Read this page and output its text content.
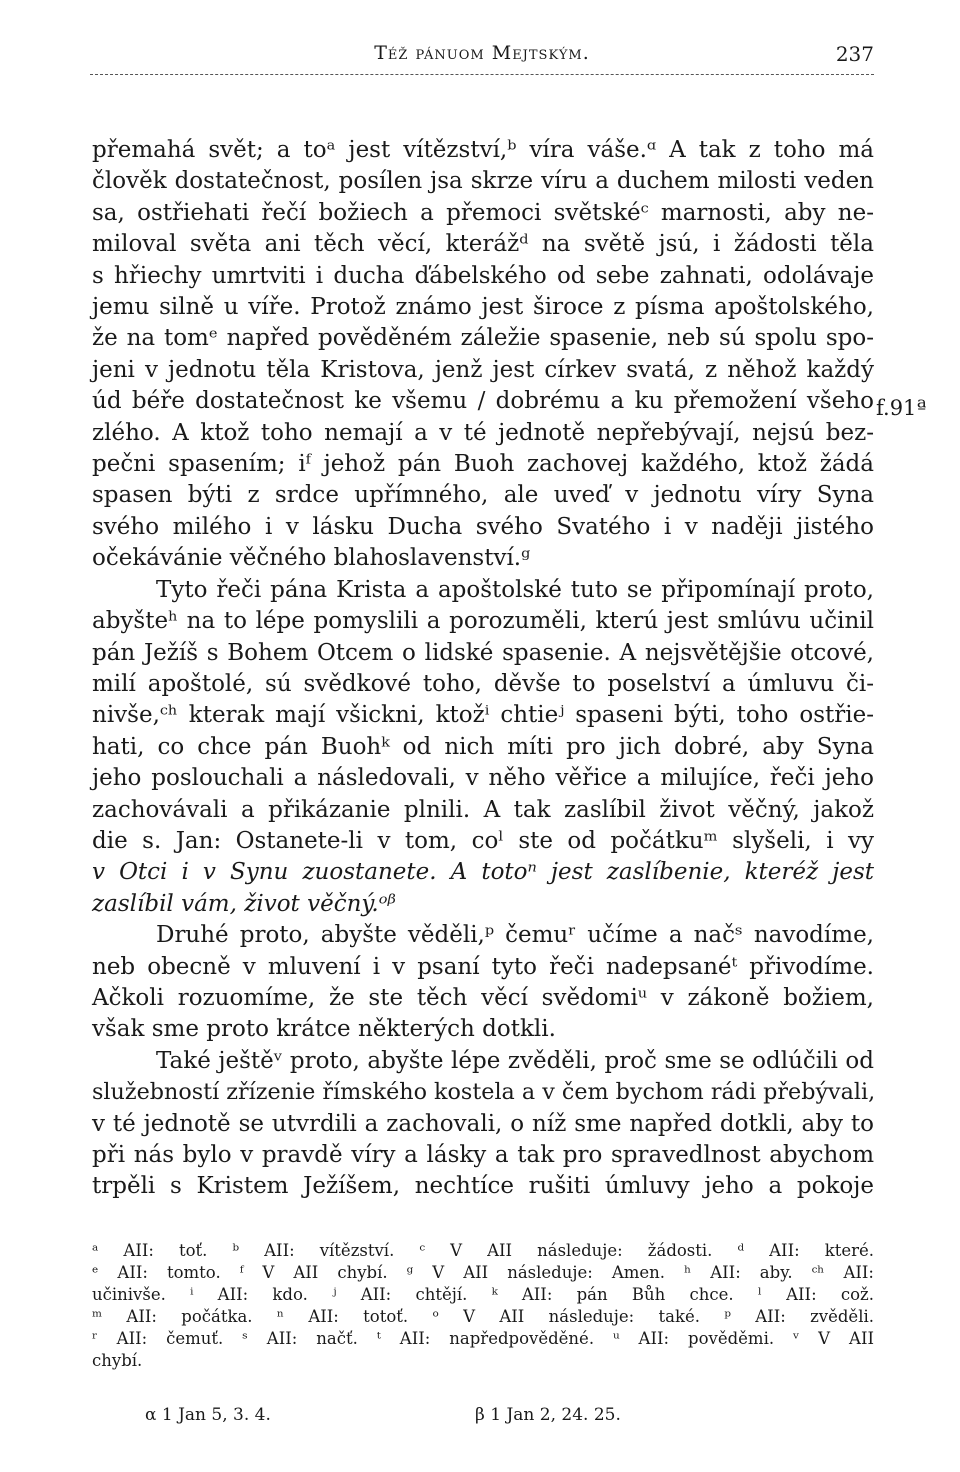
Též pánuom Mejtským.	237
přemahá svět; a toᵃ jest vítězství,ᵇ víra váše.ᵅ A tak z toho má
člověk dostatečnost, posílen jsa skrze víru a duchem milosti veden
sa, ostřiehati řečí božiech a přemoci světskéᶜ marnosti, aby ne-
miloval světa ani těch věcí, kterážᵈ na světě jsú, i žádosti těla
s hřiechy umrtviti i ducha ďábelského od sebe zahnati, odolávaje
jemu silně u víře. Protož známo jest široce z písma apoštolského,
že na tomᵉ napřed pověděném záležie spasenie, neb sú spolu spo-
jeni v jednotu těla Kristova, jenž jest církev svatá, z něhož každý
úd béře dostatečnost ke všemu / dobrému a ku přemožení všeho
zlého. A ktož toho nemají a v té jednotě nepřebývají, nejsú bez-
pečni spasením; iᶠ jehož pán Buoh zachovej každého, ktož žádá
spasen býti z srdce upřímného, ale uveď v jednotu víry Syna
svého milého i v lásku Ducha svého Svatého i v naději jistého
očekávánie věčného blahoslavenství.ᵍ
Tyto řeči pána Krista a apoštolské tuto se připomínají proto,
abyšteʰ na to lépe pomyslili a porozuměli, kterú jest smlúvu učinil
pán Ježíš s Bohem Otcem o lidské spasenie. A nejsvětějšie otcové,
milí apoštolé, sú svědkové toho, děvše to poselství a úmluvu či-
nivše,ᶜʰ kterak mají všickni, ktožⁱ chtieʲ spaseni býti, toho ostřie-
hati, co chce pán Buohᵏ od nich míti pro jich dobré, aby Syna
jeho poslouchali a následovali, v něho věřice a milujíce, řeči jeho
zachovávali a přikázanie plnili. A tak zaslíbil život věčný, jakož
die s. Jan: Ostanete-li v tom, coˡ ste od počátkuᵐ slyšeli, i vy
v Otci i v Synu zuostanete. A totoⁿ jest zaslíbenie, kteréž jest
zaslíbil vám, život věčný.ᵒᵝ
Druhé proto, abyšte věděli,ᵖ čemuʳ učíme a načˢ navodíme,
neb obecně v mluvení i v psaní tyto řeči nadepsanéᵗ přivodíme.
Ačkoli rozuomíme, že ste těch věcí svědomiᵘ v zákoně božiem,
však sme proto krátce některých dotkli.
Také ještěᵛ proto, abyšte lépe zvěděli, proč sme se odlúčili od
služebností zřízenie římského kostela a v čem bychom rádi přebývali,
v té jednotě se utvrdili a zachovali, o níž sme napřed dotkli, aby to
při nás bylo v pravdě víry a lásky a tak pro spravedlnost abychom
trpěli s Kristem Ježíšem, nechtíce rušiti úmluvy jeho a pokoje
f.91ª
ᵃ AII: toť. ᵇ AII: vítězství. ᶜ V AII následuje: žádosti. ᵈ AII: které.
ᵉ AII: tomto. ᶠ V AII chybí. ᵍ V AII následuje: Amen. ʰ AII: aby. ᶜʰ AII:
učinivše. ⁱ AII: kdo. ʲ AII: chtějí. ᵏ AII: pán Bůh chce. ˡ AII: což.
ᵐ AII: počátka. ⁿ AII: totoť. ᵒ V AII následuje: také. ᵖ AII: zvěděli.
ʳ AII: čemuť. ˢ AII: načť. ᵗ AII: napředpověděné. ᵘ AII: pověděmi. ᵛ V AII
chybí.
α 1 Jan 5, 3. 4.	β 1 Jan 2, 24. 25.
